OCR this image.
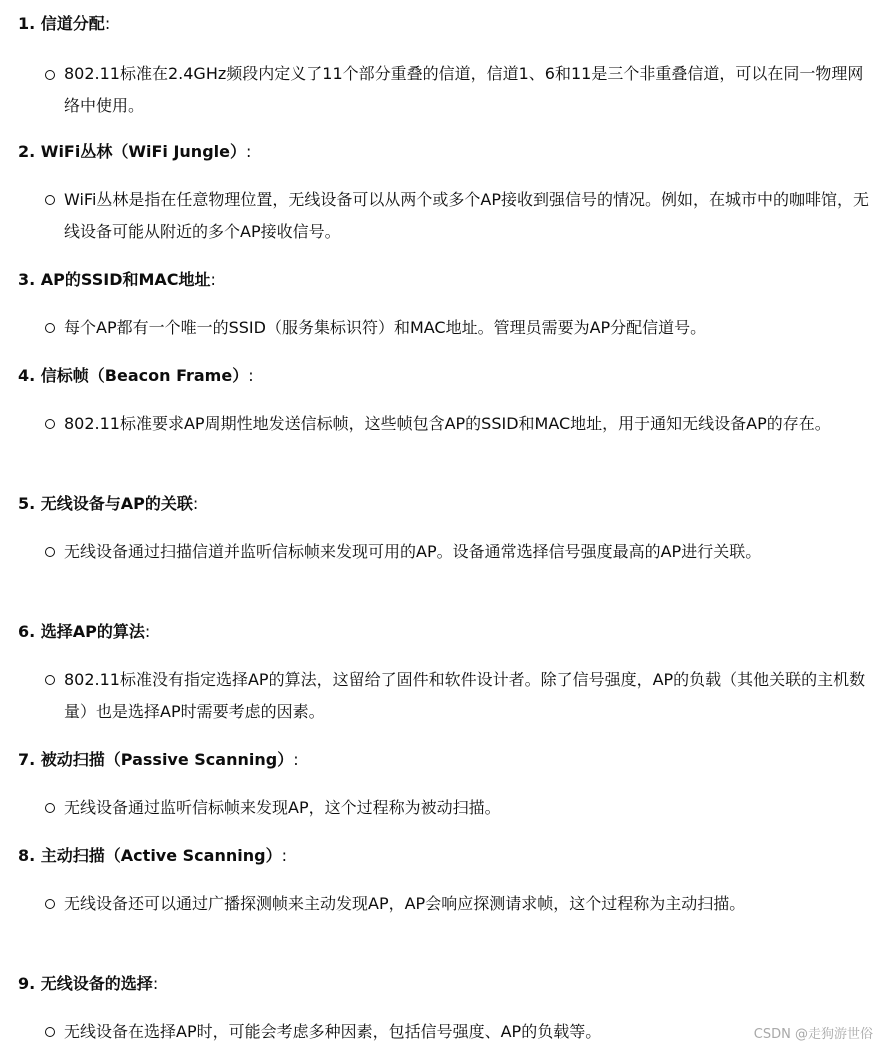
1. 信道分配:
802.11标准在2.4GHz频段内定义了11个部分重叠的信道，信道1、6和11是三个非重叠信道，可以在同一物理网络中使用。
2. WiFi丛林（WiFi Jungle）:
WiFi丛林是指在任意物理位置，无线设备可以从两个或多个AP接收到强信号的情况。例如，在城市中的咖啡馆，无线设备可能从附近的多个AP接收信号。
3. AP的SSID和MAC地址:
每个AP都有一个唯一的SSID（服务集标识符）和MAC地址。管理员需要为AP分配信道号。
4. 信标帧（Beacon Frame）:
802.11标准要求AP周期性地发送信标帧，这些帧包含AP的SSID和MAC地址，用于通知无线设备AP的存在。
5. 无线设备与AP的关联:
无线设备通过扫描信道并监听信标帧来发现可用的AP。设备通常选择信号强度最高的AP进行关联。
6. 选择AP的算法:
802.11标准没有指定选择AP的算法，这留给了固件和软件设计者。除了信号强度，AP的负载（其他关联的主机数量）也是选择AP时需要考虑的因素。
7. 被动扫描（Passive Scanning）:
无线设备通过监听信标帧来发现AP，这个过程称为被动扫描。
8. 主动扫描（Active Scanning）:
无线设备还可以通过广播探测帧来主动发现AP，AP会响应探测请求帧，这个过程称为主动扫描。
9. 无线设备的选择:
无线设备在选择AP时，可能会考虑多种因素，包括信号强度、AP的负载等。	CSDN @走狗游世俗
